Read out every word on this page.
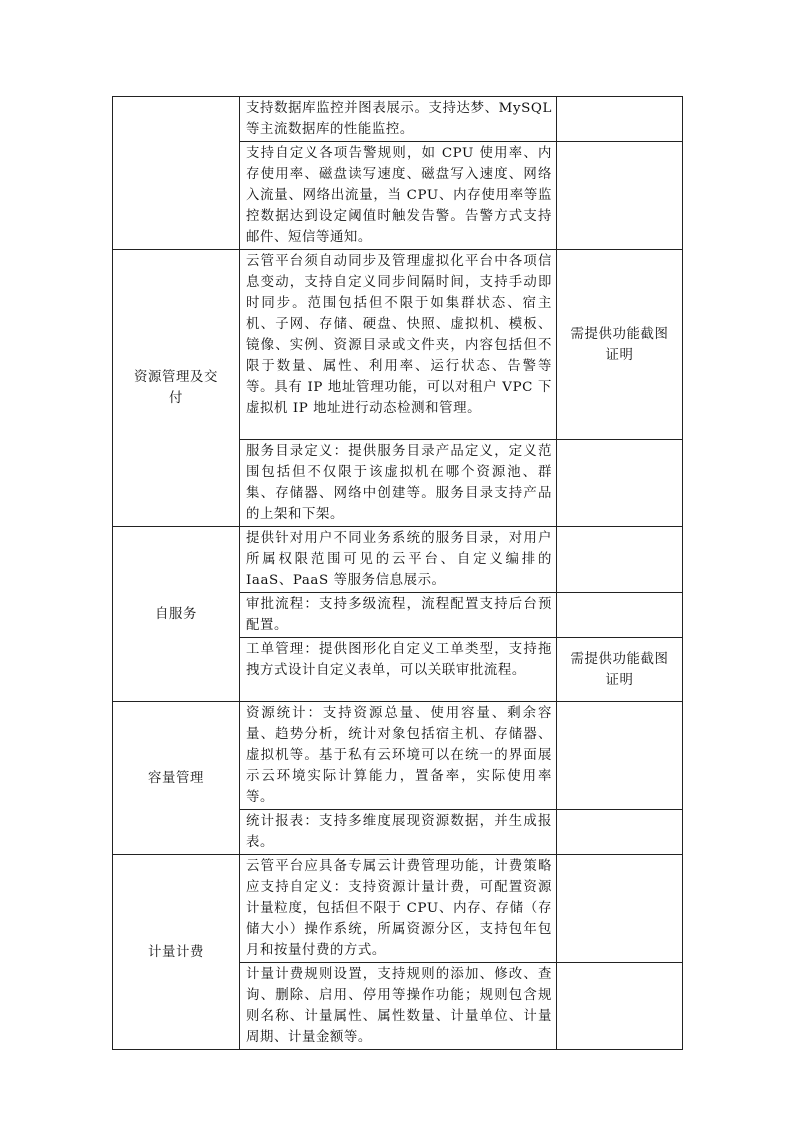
	支持数据库监控并图表展示。支持达梦、MySQL 等主流数据库的性能监控。	
	支持自定义各项告警规则，如 CPU 使用率、内存使用率、磁盘读写速度、磁盘写入速度、网络入流量、网络出流量，当 CPU、内存使用率等监控数据达到设定阈值时触发告警。告警方式支持邮件、短信等通知。	
资源管理及交付	云管平台须自动同步及管理虚拟化平台中各项信息变动，支持自定义同步间隔时间，支持手动即时同步。范围包括但不限于如集群状态、宿主机、子网、存储、硬盘、快照、虚拟机、模板、镜像、实例、资源目录或文件夹，内容包括但不限于数量、属性、利用率、运行状态、告警等等。具有 IP 地址管理功能，可以对租户 VPC 下虚拟机 IP 地址进行动态检测和管理。	需提供功能截图证明
	服务目录定义：提供服务目录产品定义，定义范围包括但不仅限于该虚拟机在哪个资源池、群集、存储器、网络中创建等。服务目录支持产品的上架和下架。	
自服务	提供针对用户不同业务系统的服务目录，对用户所属权限范围可见的云平台、自定义编排的 IaaS、PaaS 等服务信息展示。	
	审批流程：支持多级流程，流程配置支持后台预配置。	
	工单管理：提供图形化自定义工单类型，支持拖拽方式设计自定义表单，可以关联审批流程。	需提供功能截图证明
容量管理	资源统计：支持资源总量、使用容量、剩余容量、趋势分析，统计对象包括宿主机、存储器、虚拟机等。基于私有云环境可以在统一的界面展示云环境实际计算能力，置备率，实际使用率等。	
	统计报表：支持多维度展现资源数据，并生成报表。	
计量计费	云管平台应具备专属云计费管理功能，计费策略应支持自定义：支持资源计量计费，可配置资源计量粒度，包括但不限于 CPU、内存、存储（存储大小）操作系统，所属资源分区，支持包年包月和按量付费的方式。	
	计量计费规则设置，支持规则的添加、修改、查询、删除、启用、停用等操作功能；规则包含规则名称、计量属性、属性数量、计量单位、计量周期、计量金额等。	
